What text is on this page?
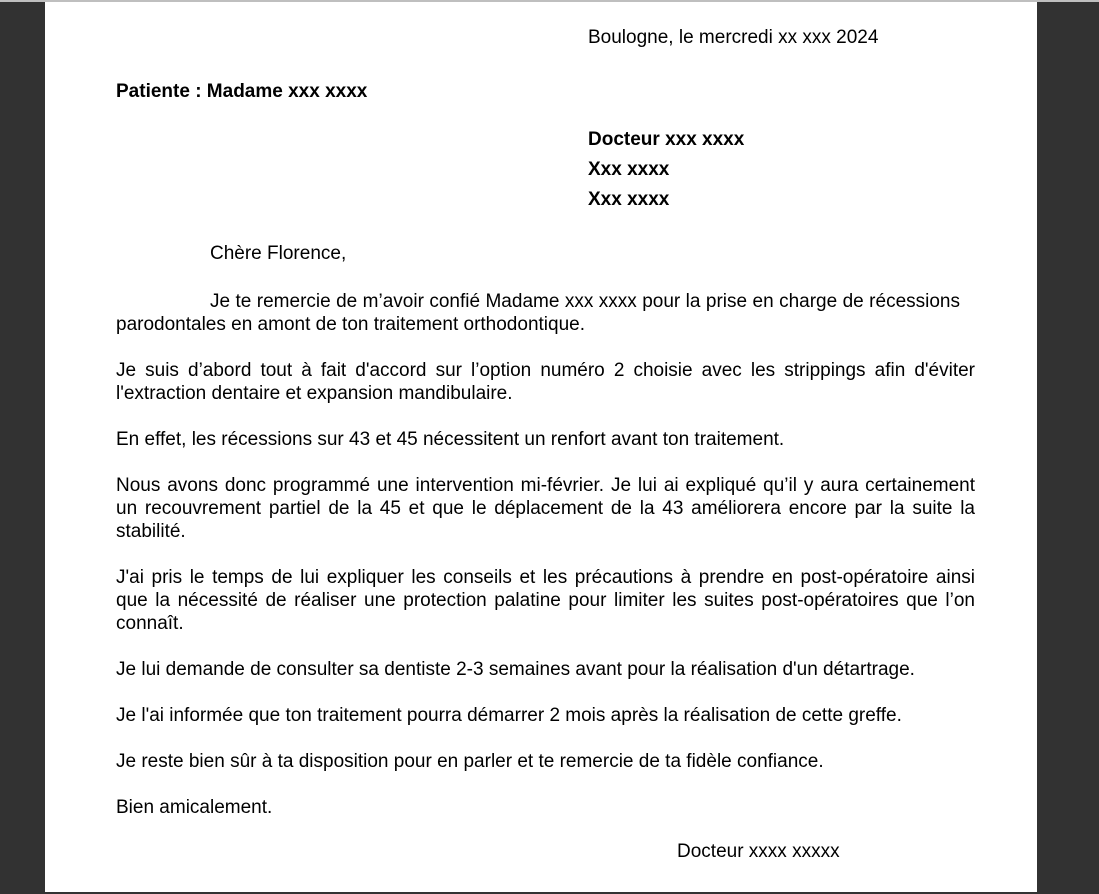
Boulogne, le mercredi xx xxx 2024
Patiente : Madame xxx xxxx
Docteur xxx xxxx
Xxx xxxx
Xxx xxxx
Chère Florence,
Je te remercie de m’avoir confié Madame xxx xxxx pour la prise en charge de récessions parodontales en amont de ton traitement orthodontique.
Je suis d’abord tout à fait d'accord sur l’option numéro 2 choisie avec les strippings afin d'éviter l'extraction dentaire et expansion mandibulaire.
En effet, les récessions sur 43 et 45 nécessitent un renfort avant ton traitement.
Nous avons donc programmé une intervention mi-février. Je lui ai expliqué qu’il y aura certainement un recouvrement partiel de la 45 et que le déplacement de la 43 améliorera encore par la suite la stabilité.
J'ai pris le temps de lui expliquer les conseils et les précautions à prendre en post-opératoire ainsi que la nécessité de réaliser une protection palatine pour limiter les suites post-opératoires que l’on connaît.
Je lui demande de consulter sa dentiste 2-3 semaines avant pour la réalisation d'un détartrage.
Je l'ai informée que ton traitement pourra démarrer 2 mois après la réalisation de cette greffe.
Je reste bien sûr à ta disposition pour en parler et te remercie de ta fidèle confiance.
Bien amicalement.
Docteur xxxx xxxxx
